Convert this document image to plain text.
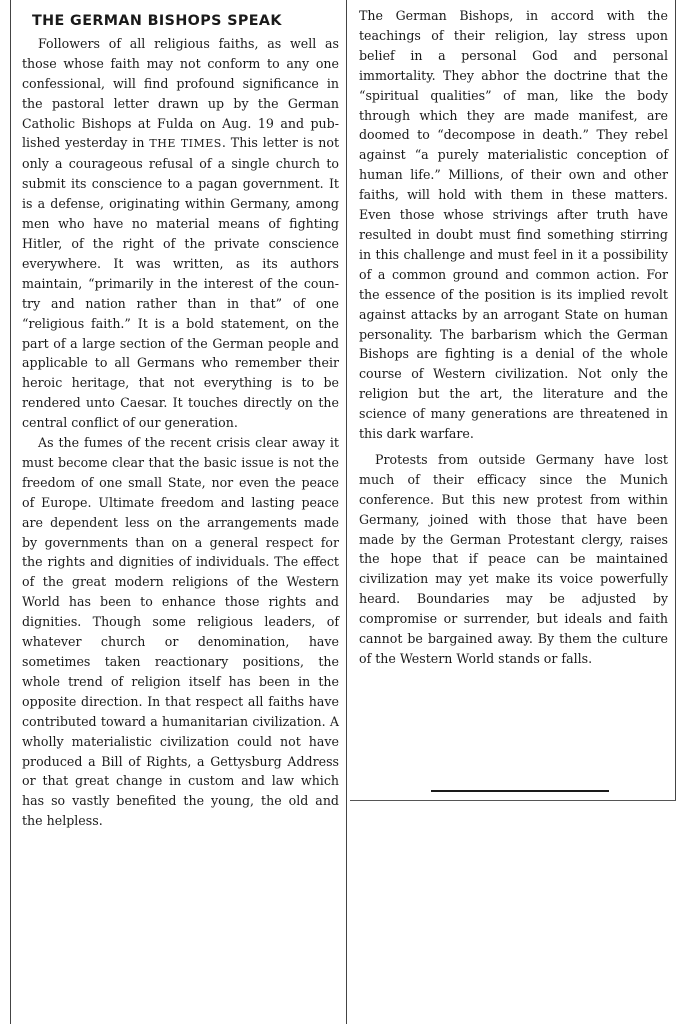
THE GERMAN BISHOPS SPEAK

Followers of all religious faiths, as well as those whose faith may not conform to any one confessional, will find profound significance in the pastoral letter drawn up by the German Catholic Bishops at Fulda on Aug. 19 and published yesterday in THE TIMES. This letter is not only a courageous refusal of a single church to submit its conscience to a pagan government. It is a defense, originating within Germany, among men who have no material means of fighting Hitler, of the right of the private conscience everywhere. It was written, as its authors maintain, “primarily in the interest of the country and nation rather than in that” of one “religious faith.” It is a bold statement, on the part of a large section of the German people and applicable to all Germans who remember their heroic heritage, that not everything is to be rendered unto Caesar. It touches directly on the central conflict of our generation.

As the fumes of the recent crisis clear away it must become clear that the basic issue is not the freedom of one small State, nor even the peace of Europe. Ultimate freedom and lasting peace are dependent less on the arrangements made by governments than on a general respect for the rights and dignities of individuals. The effect of the great modern religions of the Western World has been to enhance those rights and dignities. Though some religious leaders, of whatever church or denomination, have sometimes taken reactionary positions, the whole trend of religion itself has been in the opposite direction. In that respect all faiths have contributed toward a humanitarian civilization. A wholly materialistic civilization could not have produced a Bill of Rights, a Gettysburg Address or that great change in custom and law which has so vastly benefited the young, the old and the helpless.

The German Bishops, in accord with the teachings of their religion, lay stress upon belief in a personal God and personal immortality. They abhor the doctrine that the “spiritual qualities” of man, like the body through which they are made manifest, are doomed to “decompose in death.” They rebel against “a purely materialistic conception of human life.” Millions, of their own and other faiths, will hold with them in these matters. Even those whose strivings after truth have resulted in doubt must find something stirring in this challenge and must feel in it a possibility of a common ground and common action. For the essence of the position is its implied revolt against attacks by an arrogant State on human personality. The barbarism which the German Bishops are fighting is a denial of the whole course of Western civilization. Not only the religion but the art, the literature and the science of many generations are threatened in this dark warfare.

Protests from outside Germany have lost much of their efficacy since the Munich conference. But this new protest from within Germany, joined with those that have been made by the German Protestant clergy, raises the hope that if peace can be maintained civilization may yet make its voice powerfully heard. Boundaries may be adjusted by compromise or surrender, but ideals and faith cannot be bargained away. By them the culture of the Western World stands or falls.
